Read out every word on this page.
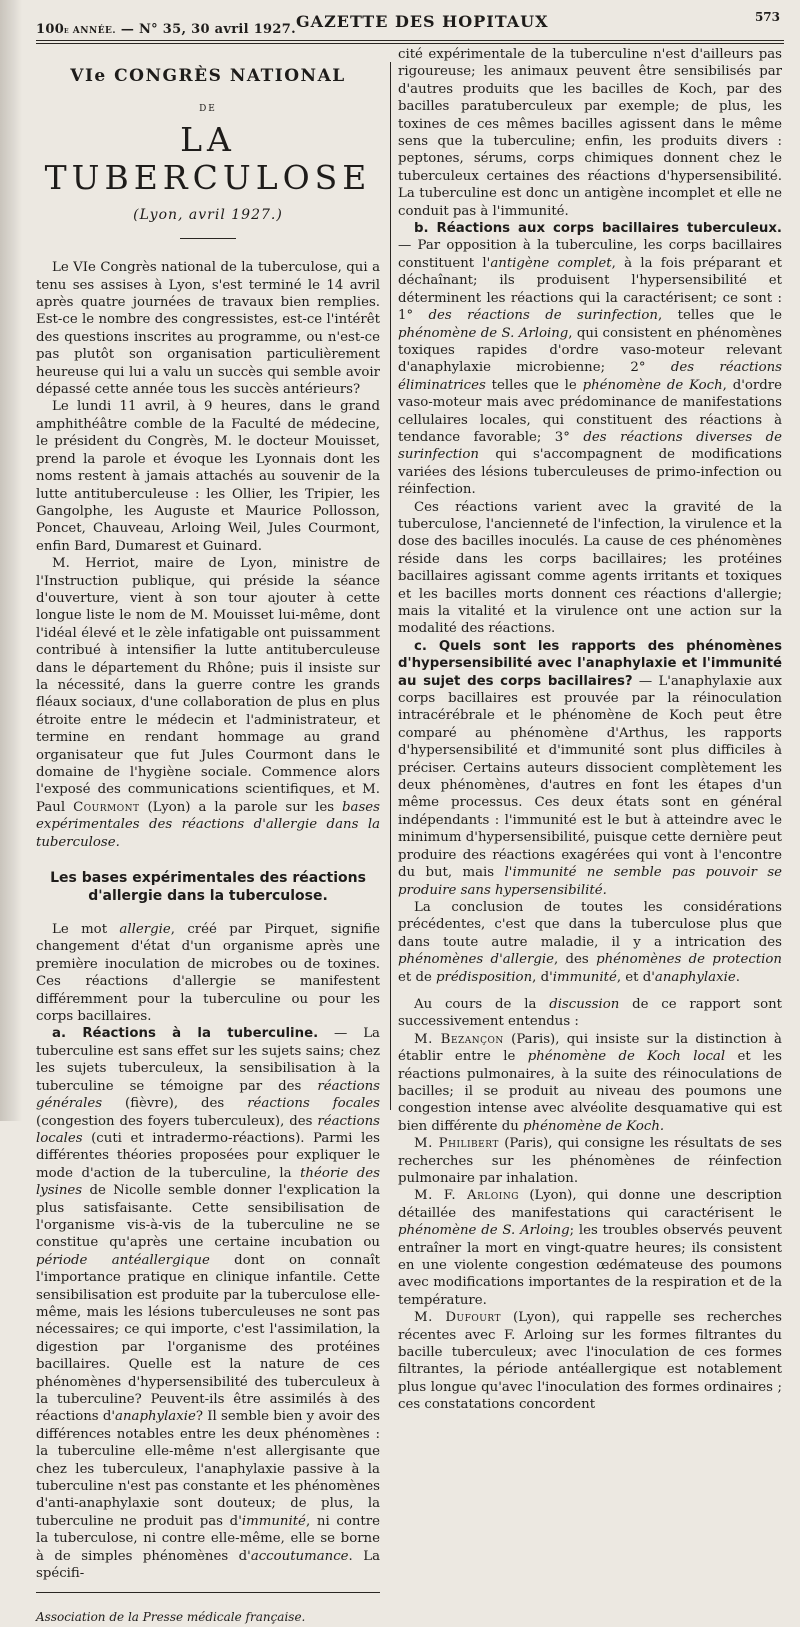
100e ANNÉE. — N° 35, 30 avril 1927. GAZETTE DES HOPITAUX	573
VIe CONGRÈS NATIONAL
DE
LA TUBERCULOSE
(Lyon, avril 1927.)

Le VIe Congrès national de la tuberculose, qui a tenu ses assises à Lyon, s'est terminé le 14 avril après quatre journées de travaux bien remplies. Est-ce le nombre des congressistes, est-ce l'intérêt des questions inscrites au programme, ou n'est-ce pas plutôt son organisation particulièrement heureuse qui lui a valu un succès qui semble avoir dépassé cette année tous les succès antérieurs?

Le lundi 11 avril, à 9 heures, dans le grand amphithéâtre comble de la Faculté de médecine, le président du Congrès, M. le docteur Mouisset, prend la parole et évoque les Lyonnais dont les noms restent à jamais attachés au souvenir de la lutte antituberculeuse : les Ollier, les Tripier, les Gangolphe, les Auguste et Maurice Pollosson, Poncet, Chauveau, Arloing Weil, Jules Courmont, enfin Bard, Dumarest et Guinard.

M. Herriot, maire de Lyon, ministre de l'Instruction publique, qui préside la séance d'ouverture, vient à son tour ajouter à cette longue liste le nom de M. Mouisset lui-même, dont l'idéal élevé et le zèle infatigable ont puissamment contribué à intensifier la lutte antituberculeuse dans le département du Rhône; puis il insiste sur la nécessité, dans la guerre contre les grands fléaux sociaux, d'une collaboration de plus en plus étroite entre le médecin et l'administrateur, et termine en rendant hommage au grand organisateur que fut Jules Courmont dans le domaine de l'hygiène sociale. Commence alors l'exposé des communications scientifiques, et M. Paul Courmont (Lyon) a la parole sur les bases expérimentales des réactions d'allergie dans la tuberculose.

Les bases expérimentales des réactions d'allergie dans la tuberculose.

Le mot allergie, créé par Pirquet, signifie changement d'état d'un organisme après une première inoculation de microbes ou de toxines. Ces réactions d'allergie se manifestent différemment pour la tuberculine ou pour les corps bacillaires.

a. Réactions à la tuberculine. — La tuberculine est sans effet sur les sujets sains; chez les sujets tuberculeux, la sensibilisation à la tuberculine se témoigne par des réactions générales (fièvre), des réactions focales (congestion des foyers tuberculeux), des réactions locales (cuti et intradermo-réactions). Parmi les différentes théories proposées pour expliquer le mode d'action de la tuberculine, la théorie des lysines de Nicolle semble donner l'explication la plus satisfaisante. Cette sensibilisation de l'organisme vis-à-vis de la tuberculine ne se constitue qu'après une certaine incubation ou période antéallergique dont on connaît l'importance pratique en clinique infantile. Cette sensibilisation est produite par la tuberculose elle-même, mais les lésions tuberculeuses ne sont pas nécessaires; ce qui importe, c'est l'assimilation, la digestion par l'organisme des protéines bacillaires. Quelle est la nature de ces phénomènes d'hypersensibilité des tuberculeux à la tuberculine? Peuvent-ils être assimilés à des réactions d'anaphylaxie? Il semble bien y avoir des différences notables entre les deux phénomènes : la tuberculine elle-même n'est allergisante que chez les tuberculeux, l'anaphylaxie passive à la tuberculine n'est pas constante et les phénomènes d'anti-anaphylaxie sont douteux; de plus, la tuberculine ne produit pas d'immunité, ni contre la tuberculose, ni contre elle-même, elle se borne à de simples phénomènes d'accoutumance. La spécifi-

Association de la Presse médicale française.

cité expérimentale de la tuberculine n'est d'ailleurs pas rigoureuse; les animaux peuvent être sensibilisés par d'autres produits que les bacilles de Koch, par des bacilles paratuberculeux par exemple; de plus, les toxines de ces mêmes bacilles agissent dans le même sens que la tuberculine; enfin, les produits divers : peptones, sérums, corps chimiques donnent chez le tuberculeux certaines des réactions d'hypersensibilité. La tuberculine est donc un antigène incomplet et elle ne conduit pas à l'immunité.

b. Réactions aux corps bacillaires tuberculeux. — Par opposition à la tuberculine, les corps bacillaires constituent l'antigène complet, à la fois préparant et déchaînant; ils produisent l'hypersensibilité et déterminent les réactions qui la caractérisent; ce sont : 1° des réactions de surinfection, telles que le phénomène de S. Arloing, qui consistent en phénomènes toxiques rapides d'ordre vaso-moteur relevant d'anaphylaxie microbienne; 2° des réactions éliminatrices telles que le phénomène de Koch, d'ordre vaso-moteur mais avec prédominance de manifestations cellulaires locales, qui constituent des réactions à tendance favorable; 3° des réactions diverses de surinfection qui s'accompagnent de modifications variées des lésions tuberculeuses de primo-infection ou réinfection.

Ces réactions varient avec la gravité de la tuberculose, l'ancienneté de l'infection, la virulence et la dose des bacilles inoculés. La cause de ces phénomènes réside dans les corps bacillaires; les protéines bacillaires agissant comme agents irritants et toxiques et les bacilles morts donnent ces réactions d'allergie; mais la vitalité et la virulence ont une action sur la modalité des réactions.

c. Quels sont les rapports des phénomènes d'hypersensibilité avec l'anaphylaxie et l'immunité au sujet des corps bacillaires? — L'anaphylaxie aux corps bacillaires est prouvée par la réinoculation intracérébrale et le phénomène de Koch peut être comparé au phénomène d'Arthus, les rapports d'hypersensibilité et d'immunité sont plus difficiles à préciser. Certains auteurs dissocient complètement les deux phénomènes, d'autres en font les étapes d'un même processus. Ces deux états sont en général indépendants : l'immunité est le but à atteindre avec le minimum d'hypersensibilité, puisque cette dernière peut produire des réactions exagérées qui vont à l'encontre du but, mais l'immunité ne semble pas pouvoir se produire sans hypersensibilité.

La conclusion de toutes les considérations précédentes, c'est que dans la tuberculose plus que dans toute autre maladie, il y a intrication des phénomènes d'allergie, des phénomènes de protection et de prédisposition, d'immunité, et d'anaphylaxie.

Au cours de la discussion de ce rapport sont successivement entendus :

M. Bezançon (Paris), qui insiste sur la distinction à établir entre le phénomène de Koch local et les réactions pulmonaires, à la suite des réinoculations de bacilles; il se produit au niveau des poumons une congestion intense avec alvéolite desquamative qui est bien différente du phénomène de Koch.

M. Philibert (Paris), qui consigne les résultats de ses recherches sur les phénomènes de réinfection pulmonaire par inhalation.

M. F. Arloing (Lyon), qui donne une description détaillée des manifestations qui caractérisent le phénomène de S. Arloing; les troubles observés peuvent entraîner la mort en vingt-quatre heures; ils consistent en une violente congestion œdémateuse des poumons avec modifications importantes de la respiration et de la température.

M. Dufourt (Lyon), qui rappelle ses recherches récentes avec F. Arloing sur les formes filtrantes du bacille tuberculeux; avec l'inoculation de ces formes filtrantes, la période antéallergique est notablement plus longue qu'avec l'inoculation des formes ordinaires ; ces constatations concordent
